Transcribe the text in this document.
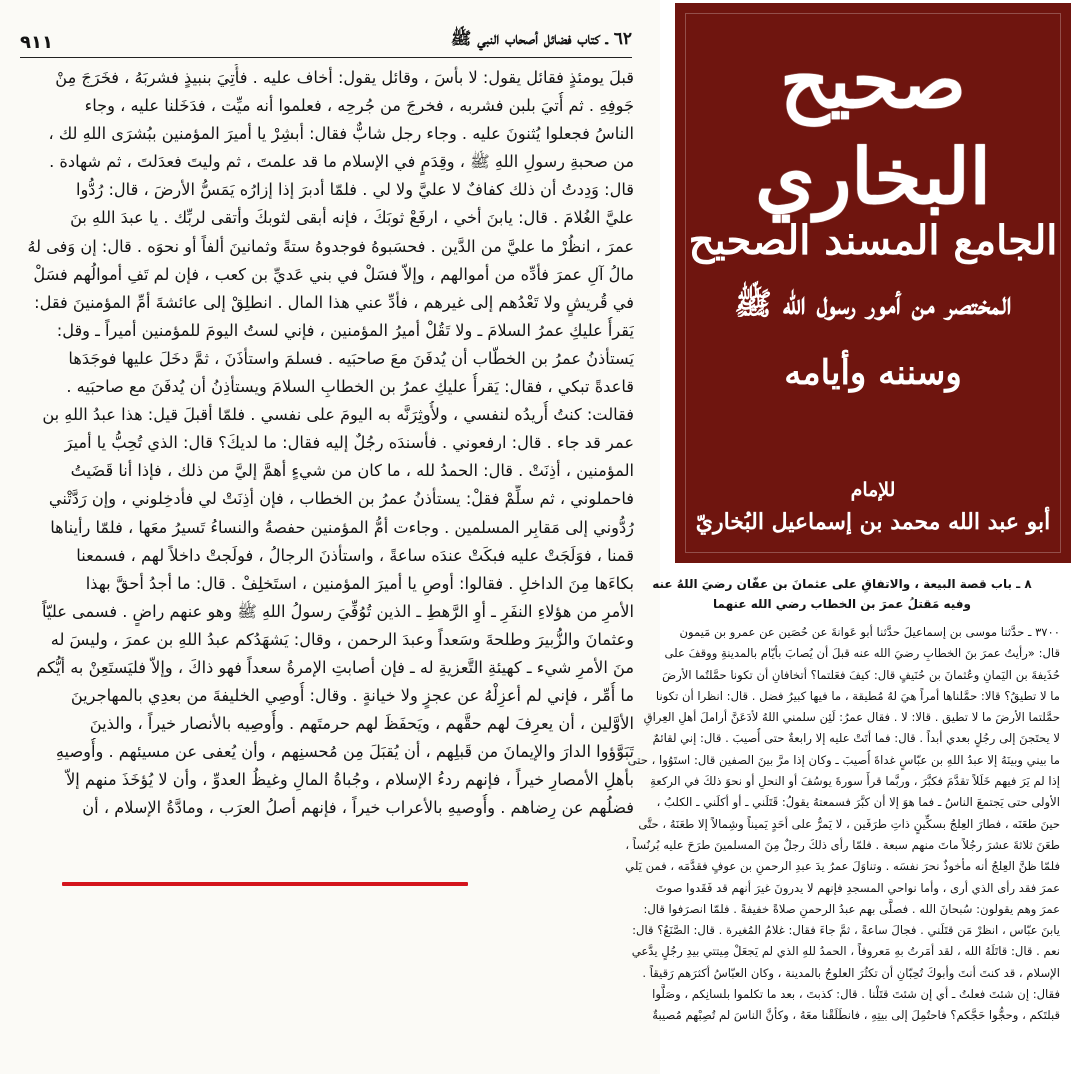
٩١١	٦٢ ـ كتاب فضائل أصحاب النبي ﷺ
قبلَ يومئذٍ فقائل يقول: لا بأسَ ، وقائل يقول: أخاف عليه . فأُتِيَ بنبيذٍ فشربَهُ ، فخَرَجَ مِنْ
جَوفِهِ . ثم أُتيَ بلبن فشربه ، فخرجَ من جُرحِه ، فعلموا أنه ميِّت ، فدَخَلنا عليه ، وجاء
الناسُ فجعلوا يُثنونَ عليه . وجاء رجل شابٌّ فقال: أبشِرْ يا أميرَ المؤمنين ببُشرَى اللهِ لك ،
من صحبةِ رسولِ اللهِ ﷺ ، وقِدَمٍ في الإسلام ما قد علمتَ ، ثم وليتَ فعدَلتَ ، ثم شهادة .
قال: وَدِدتُ أن ذلك كفافٌ لا عليَّ ولا لي . فلمّا أدبرَ إذا إزارُه يَمَسُّ الأرضَ ، قال: رُدُّوا
عليَّ الغُلامَ . قال: يابنَ أخي ، ارفَعْ ثوبَكَ ، فإنه أبقى لثوبكَ وأتقى لربِّك . يا عبدَ اللهِ بنَ
عمرَ ، انظُرْ ما عليَّ من الدَّين . فحسَبوهُ فوجدوهُ ستةً وثمانينَ ألفاً أو نحوَه . قال: إن وَفى لهُ
مالُ آلِ عمرَ فأدِّه من أموالهم ، وإلاّ فسَلْ في بني عَديِّ بن كعب ، فإن لم تَفِ أموالُهم فسَلْ
في قُريشٍ ولا تَعْدُهم إلى غيرهم ، فأدِّ عني هذا المال . انطلِقْ إلى عائشةَ أمِّ المؤمنينَ فقل:
يَقرأُ عليكِ عمرُ السلامَ ـ ولا تَقُلْ أميرُ المؤمنين ، فإني لستُ اليومَ للمؤمنين أميراً ـ وقل:
يَستأذنُ عمرُ بن الخطّاب أن يُدفَنَ معَ صاحبَيه . فسلمَ واستأذَنَ ، ثمَّ دخَلَ عليها فوجَدَها
قاعدةً تبكي ، فقال: يَقرأُ عليكِ عمرُ بن الخطابِ السلامَ ويستأذِنُ أن يُدفَنَ مع صاحبَيه .
فقالت: كنتُ أُريدُه لنفسي ، ولأُوثِرَنَّه به اليومَ على نفسي . فلمّا أقبلَ قيل: هذا عبدُ اللهِ بن
عمر قد جاء . قال: ارفعوني . فأسندَه رجُلٌ إليه فقال: ما لديكَ؟ قال: الذي تُحِبُّ يا أميرَ
المؤمنين ، أذِنَتْ . قال: الحمدُ لله ، ما كان من شيءٍ أهمَّ إليَّ من ذلك ، فإذا أنا قَضَيتُ
فاحملوني ، ثم سلِّمْ فقلْ: يستأذنُ عمرُ بن الخطاب ، فإن أذِنَتْ لي فأدخِلوني ، وإن رَدَّتْني
رُدُّوني إلى مَقابِر المسلمين . وجاءت أمُّ المؤمنين حفصةُ والنساءُ تَسيرُ معَها ، فلمّا رأيناها
قمنا ، فوَلَجَتْ عليه فبكَتْ عندَه ساعةً ، واستأذنَ الرجالُ ، فولَجتْ داخلاً لهم ، فسمعنا
بكاءَها مِنَ الداخلِ . فقالوا: أوصِ يا أميرَ المؤمنين ، استَخلِفْ . قال: ما أجدُ أحقَّ بهذا
الأمرِ من هؤلاءِ النفَرِ ـ أوِ الرَّهطِ ـ الذين تُوُفِّيَ رسولُ اللهِ ﷺ وهو عنهم راضٍ . فسمى عليّاً
وعثمانَ والزُّبيرَ وطلحةَ وسَعداً وعبدَ الرحمن ، وقال: يَشهَدُكم عبدُ اللهِ بن عمرَ ، وليسَ له
منَ الأمرِ شيء ـ كهيئةِ التَّعزيةِ له ـ فإن أصابتِ الإمرةُ سعداً فهو ذاكَ ، وإلاّ فليَستَعِنْ به أيُّكم
ما أُمِّر ، فإني لم أعزِلْهُ عن عجزٍ ولا خيانةٍ . وقال: أُوصِي الخليفةَ من بعدِي بالمهاجرينَ
الأوَّلين ، أن يعرِفَ لهم حقَّهم ، ويَحفَظَ لهم حرمتَهم . وأُوصِيه بالأنصار خيراً ، والذينَ
تَبَوَّؤوا الدارَ والإيمانَ من قَبلِهم ، أن يُقبَلَ مِن مُحسنِهم ، وأن يُعفى عن مسيئهم . وأُوصيهِ
بأهلِ الأمصارِ خيراً ، فإنهم ردءُ الإسلام ، وجُباةُ المالِ وغيظُ العدوِّ ، وأن لا يُؤخَذَ منهم إلاّ
فضلُهم عن رِضاهم . وأُوصيهِ بالأعراب خيراً ، فإنهم أصلُ العرَب ، ومادَّةُ الإسلام ، أن
صحيح البخاري
الجامع المسند الصحيح
المختصر من أمور رسول الله ﷺ
وسننه وأيامه
للإمام
أبو عبد الله محمد بن إسماعيل البُخاريّ
٨ ـ باب قصة البيعة ، والاتفاقِ على عثمانَ بن عفّان رضيَ اللهُ عنه
وفيه مَقتلُ عمرَ بن الخطاب رضي الله عنهما
٣٧٠٠ ـ حدَّثنا موسى بن إسماعيلَ حدَّثنا أبو عَوانةَ عن حُصَين عن عمرو بن مَيمون
قال: «رأيتُ عمرَ بنَ الخطابِ رضيَ الله عنه قبلَ أن يُصابَ بأيّام بالمدينةِ ووقفَ على
حُذَيفةَ بن اليَمانِ وعُثمانَ بن حُنَيفٍ قال: كيفَ فعَلتما؟ أتخافانِ أن تكونا حمَّلتُما الأرضَ
ما لا تطيقُ؟ قالا: حمَّلناها أمراً هيَ لهُ مُطيقة ، ما فيها كبيرُ فضل . قال: انظرا أن تكونا
حمَّلتما الأرضَ ما لا تطيق . قالا: لا . فقال عمرُ: لَئِن سلمني اللهُ لأدَعَنَّ أراملَ أهلِ العِراقِ
لا يحتَجنَ إلى رجُلٍ بعدي أبداً . قال: فما أتَتْ عليه إلا رابعةٌ حتى أُصيبَ . قال: إني لقائمٌ
ما بيني وبينَهُ إلا عبدُ اللهِ بن عبّاسٍ غداةَ أُصيبَ ـ وكان إذا مرَّ بينَ الصفين قال: استَوُوا ، حتى
إذا لم يَرَ فيهم خَلَلاً تقدَّمَ فكبَّرَ ، وربَّما قرأَ سورةَ يوسُفَ أو النحلِ أو نحوَ ذلكَ في الركعةِ
الأولى حتى يَجتمعَ الناسُ ـ فما هوَ إلا أن كبَّرَ فسمعتهُ يقولُ: قَتَلَني ـ أو أكلَني ـ الكلبُ ،
حينَ طعَنَه ، فطارَ العِلجُ بسكِّينٍ ذاتِ طرَفَين ، لا يَمرُّ على أحَدٍ يَميناً وشِمالاً إلا طعَنَهُ ، حتَّى
طعَنَ ثلاثةَ عشرَ رجُلاً ماتَ منهم سبعة . فلمّا رأى ذلكَ رجلٌ مِنَ المسلمينَ طرَحَ عليه بُرنُساً ،
فلمّا ظنَّ العِلجُ أنه مأخوذٌ نحرَ نفسَه . وتناوَلَ عمرُ يدَ عبدِ الرحمنِ بن عوفٍ فقدَّمَه ، فمن يَلي
عمرَ فقد رأى الذي أرى ، وأما نواحي المسجدِ فإنهم لا يدرونَ غيرَ أنهم قد فَقَدوا صوتَ
عمرَ وهم يقولون: سُبحانَ الله . فصلَّى بهم عبدُ الرحمنِ صلاةً خفيفةً . فلمّا انصرَفوا قال:
يابنَ عبّاس ، انظرْ مَن قتَلَني . فجالَ ساعةً ، ثمَّ جاءَ فقال: غلامُ المُغيرة . قال: الصَّنَعُ؟ قال:
نعم . قال: قاتَلَهُ الله ، لقد أمَرتُ بهِ مَعروفاً ، الحمدُ للهِ الذي لم يَجعَلْ مِيتتي بيدِ رجُلٍ يدَّعي
الإسلام ، قد كنتَ أنتَ وأبوكَ تُحِبّانِ أن تكثُرَ العلوجُ بالمدينة ، وكان العبّاسُ أكثرَهم رَقيقاً .
فقال: إن شئتَ فعلتُ ـ أي إن شئتَ قتَلْنا . قال: كذبتَ ، بعد ما تكلموا بلسانِكم ، وصَلَّوا
قبلتَكم ، وحجُّوا حَجَّكم؟ فاحتُمِلَ إلى بيتِهِ ، فانطَلَقْنا معَهُ ، وكأنَّ الناسَ لم تُصِبْهم مُصيبةٌ
